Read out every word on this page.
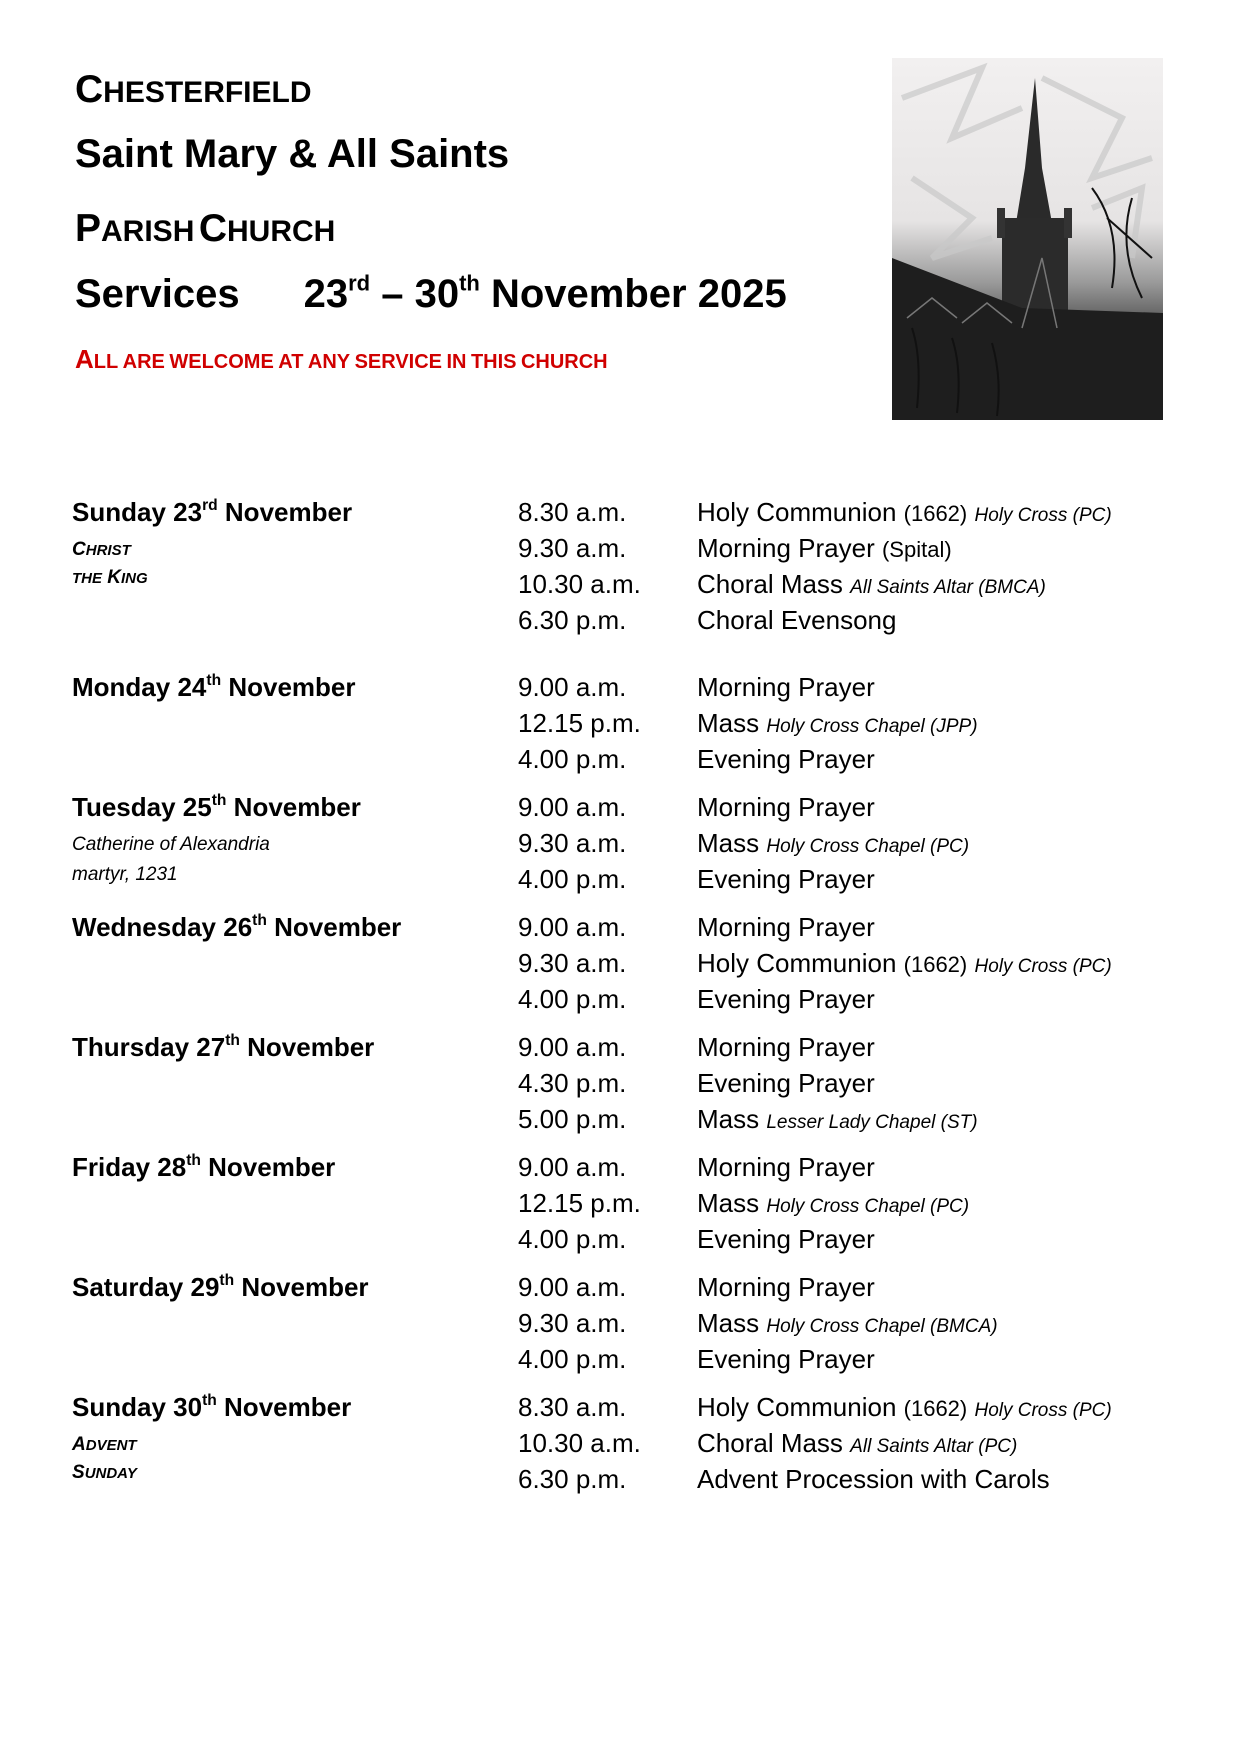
CHESTERFIELD
Saint Mary & All Saints
PARISH CHURCH
Services 23rd – 30th November 2025
ALL ARE WELCOME AT ANY SERVICE IN THIS CHURCH
Sunday 23rd November
CHRIST
THE KING
8.30 a.m.	Holy Communion (1662) Holy Cross (PC)
9.30 a.m.	Morning Prayer (Spital)
10.30 a.m. Choral Mass All Saints Altar (BMCA)
6.30 p.m.	Choral Evensong
Monday 24th November	9.00 a.m.	Morning Prayer
12.15 p.m. Mass Holy Cross Chapel (JPP)
4.00 p.m.	Evening Prayer
Tuesday 25th November
Catherine of Alexandria
martyr, 1231
9.00 a.m.	Morning Prayer
9.30 a.m.	Mass Holy Cross Chapel (PC)
4.00 p.m.	Evening Prayer
Wednesday 26th November	9.00 a.m.	Morning Prayer
9.30 a.m.	Holy Communion (1662) Holy Cross (PC)
4.00 p.m.	Evening Prayer
Thursday 27th November	9.00 a.m.	Morning Prayer
4.30 p.m.	Evening Prayer
5.00 p.m.	Mass Lesser Lady Chapel (ST)
Friday 28th November	9.00 a.m.	Morning Prayer
12.15 p.m. Mass Holy Cross Chapel (PC)
4.00 p.m.	Evening Prayer
Saturday 29th November	9.00 a.m.	Morning Prayer
9.30 a.m.	Mass Holy Cross Chapel (BMCA)
4.00 p.m.	Evening Prayer
Sunday 30th November
ADVENT
SUNDAY
8.30 a.m.	Holy Communion (1662) Holy Cross (PC)
10.30 a.m. Choral Mass All Saints Altar (PC)
6.30 p.m.	Advent Procession with Carols
